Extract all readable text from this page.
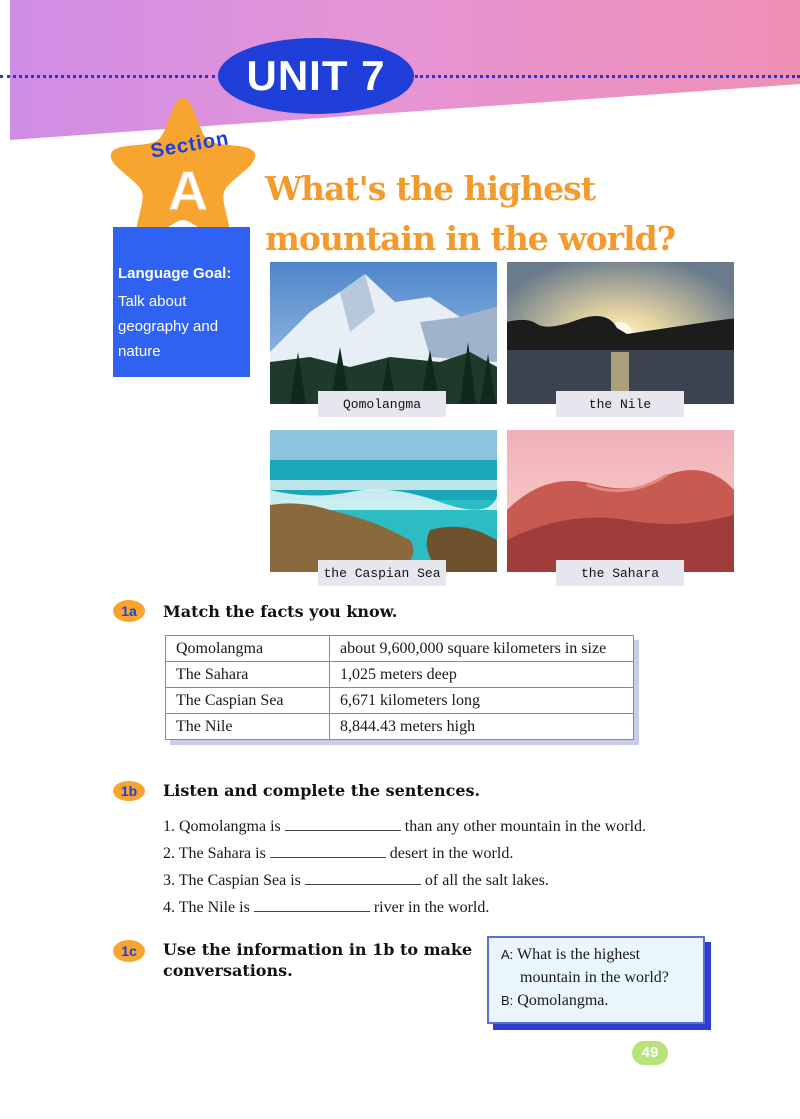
UNIT 7
Section
A
Language Goal:
Talk about geography and nature
What's the highest mountain in the world?
Qomolangma	the Nile
the Caspian Sea	the Sahara
1a	Match the facts you know.
Qomolangma	about 9,600,000 square kilometers in size
The Sahara	1,025 meters deep
The Caspian Sea	6,671 kilometers long
The Nile	8,844.43 meters high
1b	Listen and complete the sentences.
1. Qomolangma is	than any other mountain in the world.
2. The Sahara is	desert in the world.
3. The Caspian Sea is	of all the salt lakes.
4. The Nile is	river in the world.
1c	Use the information in 1b to make
conversations.
A: What is the highest
mountain in the world?
B: Qomolangma.
49
